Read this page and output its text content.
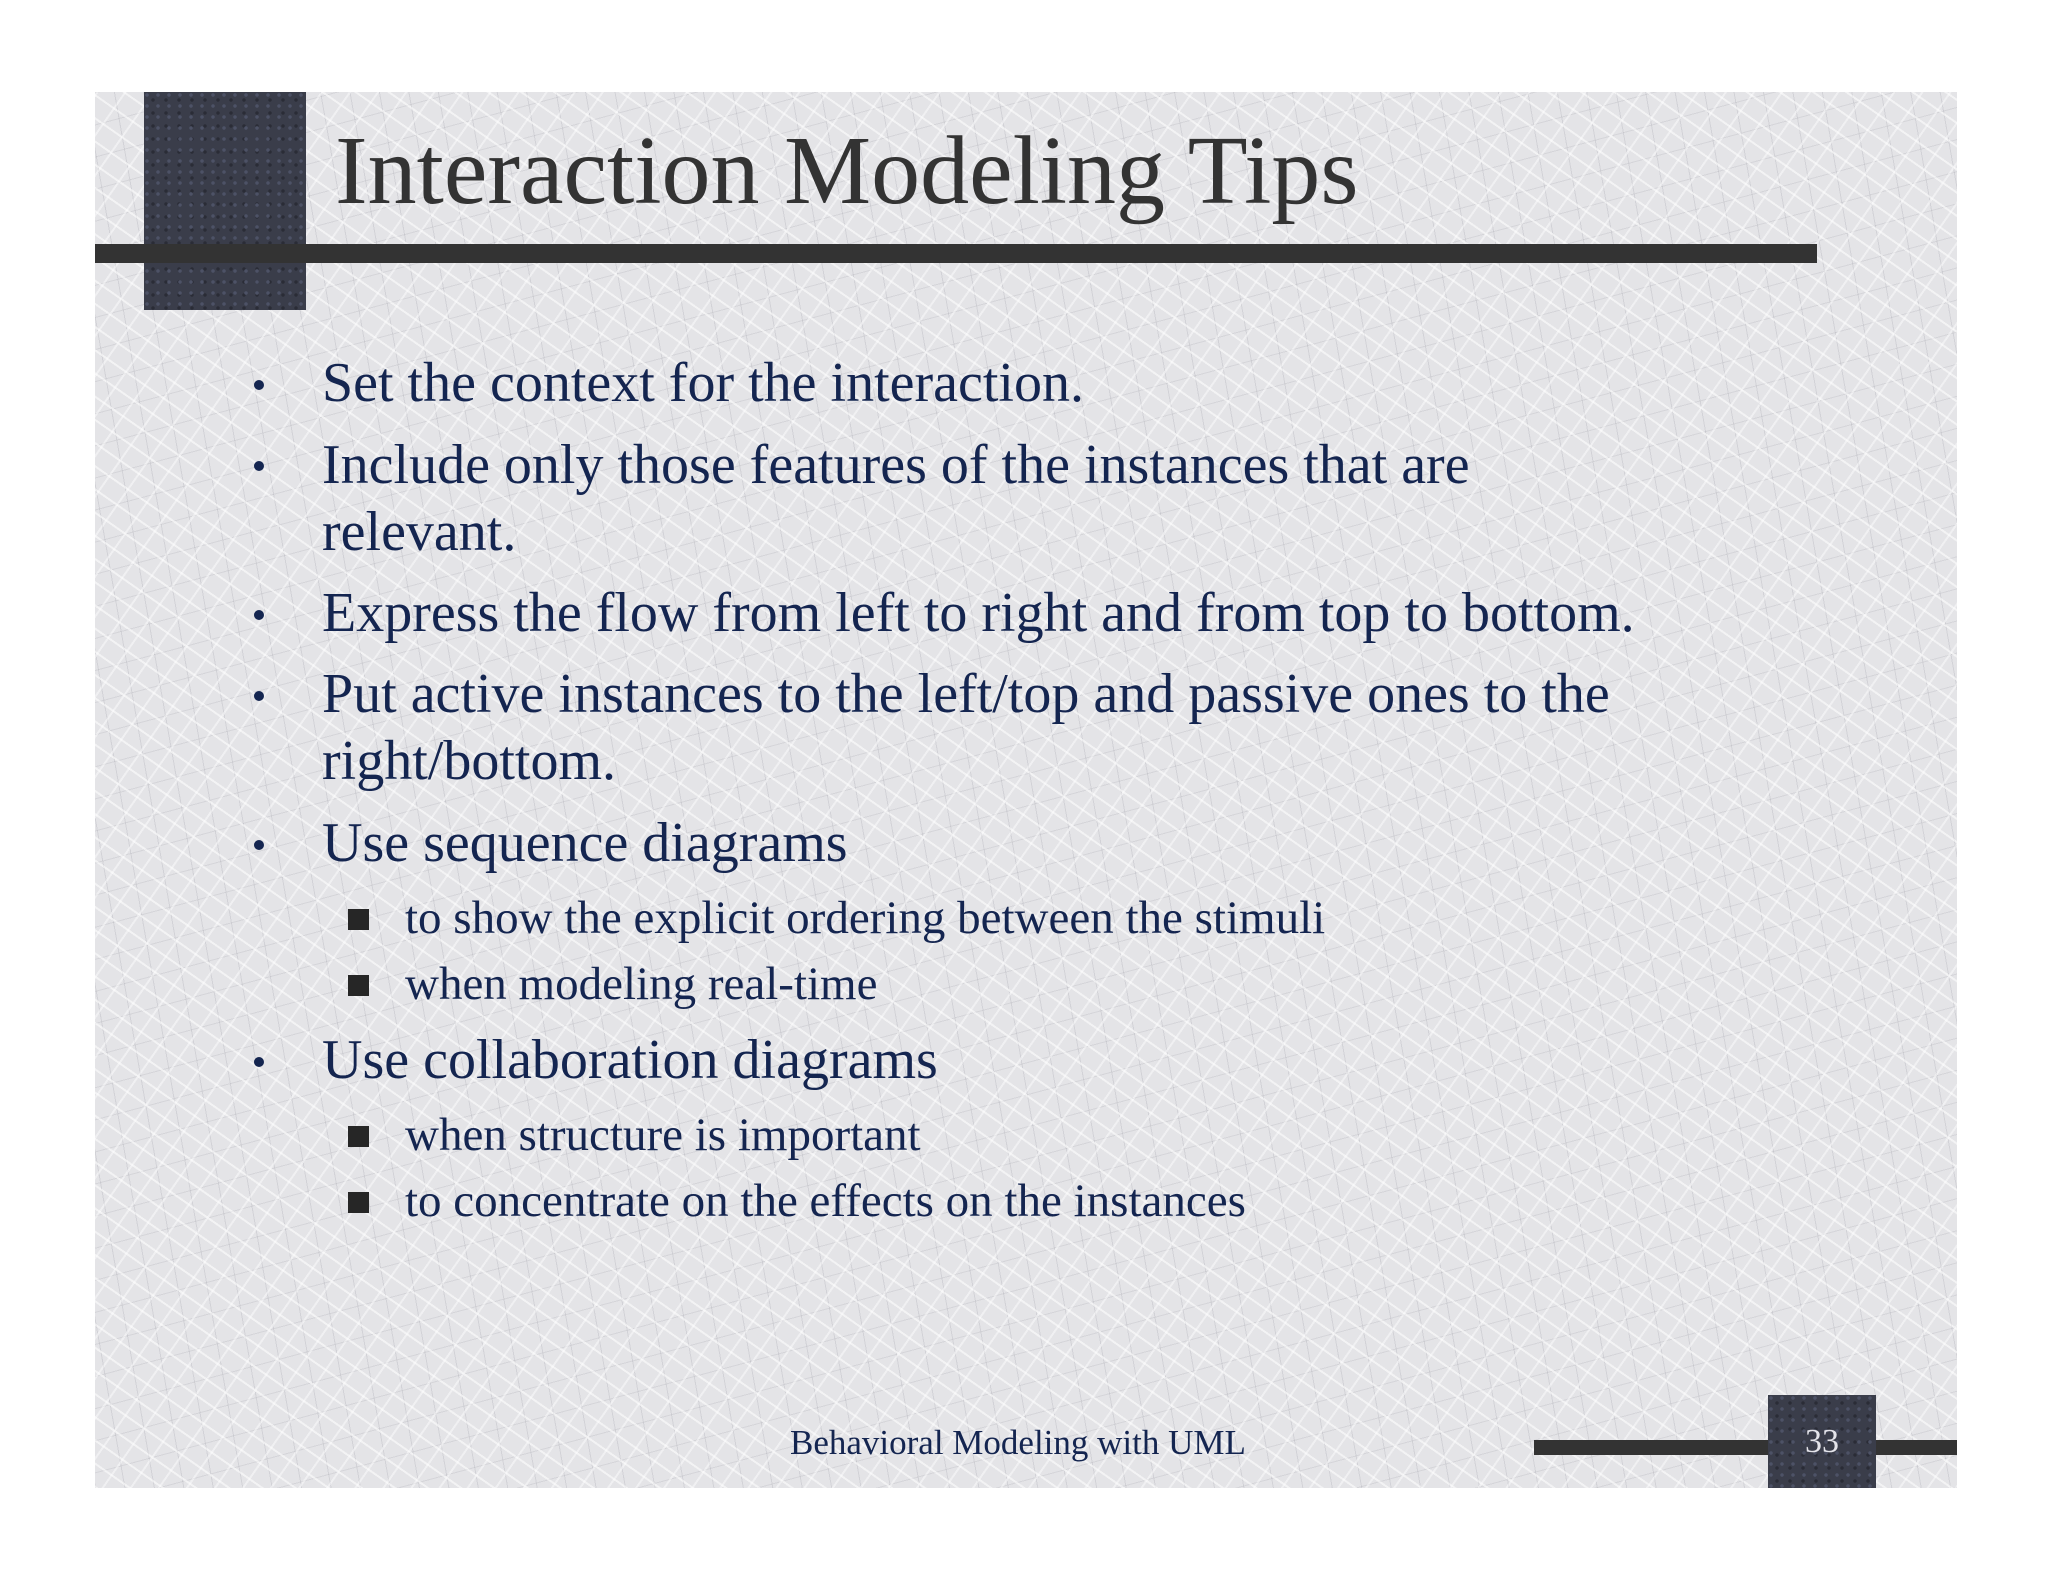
Interaction Modeling Tips

Set the context for the interaction.

Include only those features of the instances that are

relevant.

Express the flow from left to right and from top to bottom.

Put active instances to the left/top and passive ones to the

right/bottom.

Use sequence diagrams

to show the explicit ordering between the stimuli

when modeling real-time

Use collaboration diagrams

when structure is important

to concentrate on the effects on the instances

Behavioral Modeling with UML	33
